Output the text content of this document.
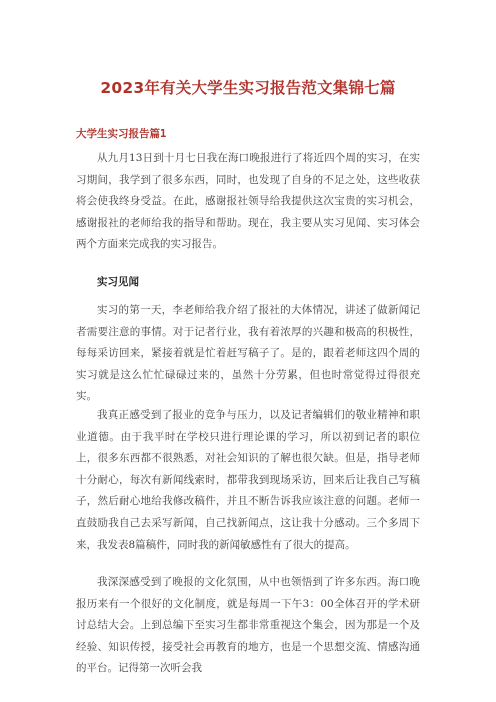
2023年有关大学生实习报告范文集锦七篇
大学生实习报告篇1

从九月13日到十月七日我在海口晚报进行了将近四个周的实习，在实习期间，我学到了很多东西，同时，也发现了自身的不足之处，这些收获将会使我终身受益。在此，感谢报社领导给我提供这次宝贵的实习机会，感谢报社的老师给我的指导和帮助。现在，我主要从实习见闻、实习体会两个方面来完成我的实习报告。

实习见闻

实习的第一天，李老师给我介绍了报社的大体情况，讲述了做新闻记者需要注意的事情。对于记者行业，我有着浓厚的兴趣和极高的积极性，每每采访回来，紧接着就是忙着赶写稿子了。是的，跟着老师这四个周的实习就是这么忙忙碌碌过来的，虽然十分劳累，但也时常觉得过得很充实。

我真正感受到了报业的竞争与压力，以及记者编辑们的敬业精神和职业道德。由于我平时在学校只进行理论课的学习，所以初到记者的职位上，很多东西都不很熟悉，对社会知识的了解也很欠缺。但是，指导老师十分耐心，每次有新闻线索时，都带我到现场采访，回来后让我自己写稿子，然后耐心地给我修改稿件，并且不断告诉我应该注意的问题。老师一直鼓励我自己去采写新闻，自己找新闻点，这让我十分感动。三个多周下来，我发表8篇稿件，同时我的新闻敏感性有了很大的提高。

我深深感受到了晚报的文化氛围，从中也领悟到了许多东西。海口晚报历来有一个很好的文化制度，就是每周一下午3：00全体召开的学术研讨总结大会。上到总编下至实习生都非常重视这个集会，因为那是一个及经验、知识传授，接受社会再教育的地方，也是一个思想交流、情感沟通的平台。记得第一次听会我
